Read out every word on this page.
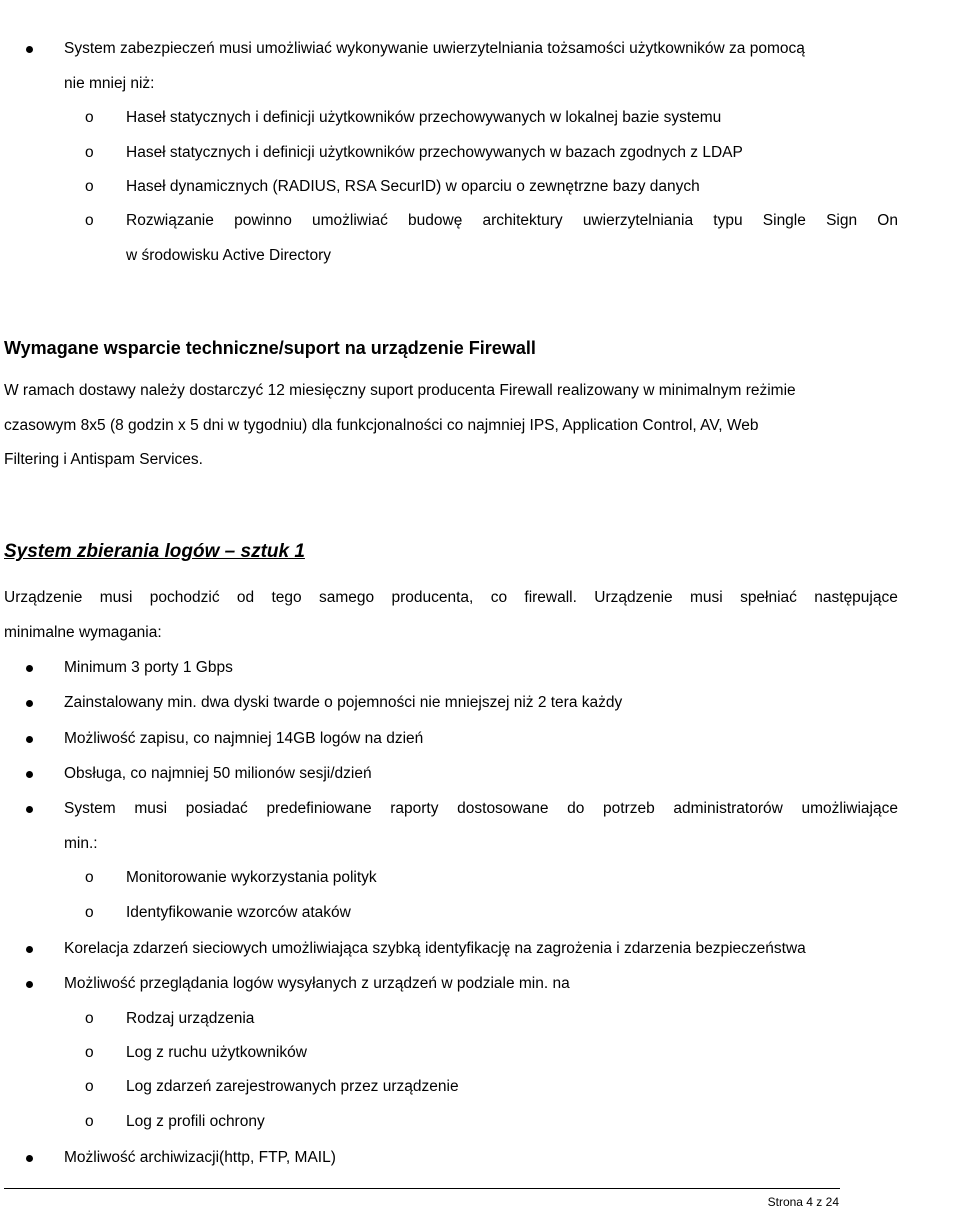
System zabezpieczeń musi umożliwiać wykonywanie uwierzytelniania tożsamości użytkowników za pomocą
nie mniej niż:
o Haseł statycznych i definicji użytkowników przechowywanych w lokalnej bazie systemu
o Haseł statycznych i definicji użytkowników przechowywanych w bazach zgodnych z LDAP
o Haseł dynamicznych (RADIUS, RSA SecurID) w oparciu o zewnętrzne bazy danych
o Rozwiązanie powinno umożliwiać budowę architektury uwierzytelniania typu Single Sign On
w środowisku Active Directory
Wymagane wsparcie techniczne/suport na urządzenie Firewall
W ramach dostawy należy dostarczyć 12 miesięczny suport producenta Firewall realizowany w minimalnym reżimie
czasowym 8x5 (8 godzin x 5 dni w tygodniu) dla funkcjonalności co najmniej IPS, Application Control, AV, Web
Filtering i Antispam Services.
System zbierania logów – sztuk 1
Urządzenie musi pochodzić od tego samego producenta, co firewall. Urządzenie musi spełniać następujące
minimalne wymagania:
Minimum 3 porty 1 Gbps
Zainstalowany min. dwa dyski twarde o pojemności nie mniejszej niż 2 tera każdy
Możliwość zapisu, co najmniej 14GB logów na dzień
Obsługa, co najmniej 50 milionów sesji/dzień
System musi posiadać predefiniowane raporty dostosowane do potrzeb administratorów umożliwiające
min.:
o Monitorowanie wykorzystania polityk
o Identyfikowanie wzorców ataków
Korelacja zdarzeń sieciowych umożliwiająca szybką identyfikację na zagrożenia i zdarzenia bezpieczeństwa
Możliwość przeglądania logów wysyłanych z urządzeń w podziale min. na
o Rodzaj urządzenia
o Log z ruchu użytkowników
o Log zdarzeń zarejestrowanych przez urządzenie
o Log z profili ochrony
Możliwość archiwizacji(http, FTP, MAIL)
Strona 4 z 24
